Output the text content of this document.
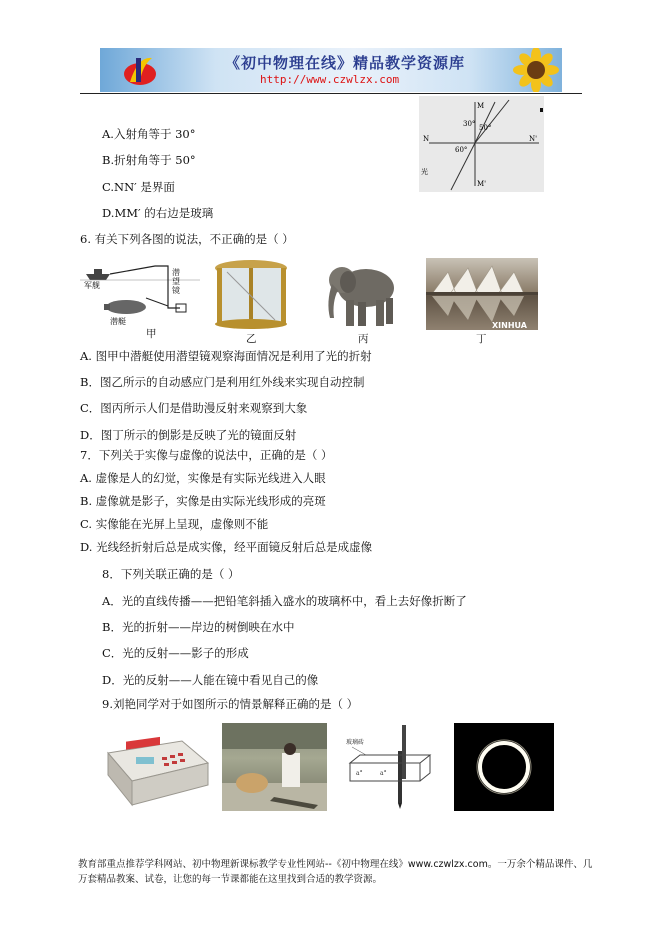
《初中物理在线》精品教学资源库
http://www.czwlzx.com
M
M'
N	N'
30° 50°
60°
光
A.入射角等于 30°
B.折射角等于 50°
C.NN′ 是界面
D.MM′ 的右边是玻璃
6. 有关下列各图的说法，不正确的是（ ）
军舰
潜艇
潜望镜
XINHUA
甲	乙	丙	丁
A. 图甲中潜艇使用潜望镜观察海面情况是利用了光的折射
B．图乙所示的自动感应门是利用红外线来实现自动控制
C．图丙所示人们是借助漫反射来观察到大象
D．图丁所示的倒影是反映了光的镜面反射
7．下列关于实像与虚像的说法中，正确的是（ ）
A. 虚像是人的幻觉，实像是有实际光线进入人眼
B. 虚像就是影子，实像是由实际光线形成的亮斑
C. 实像能在光屏上呈现，虚像则不能
D. 光线经折射后总是成实像，经平面镜反射后总是成虚像
8．下列关联正确的是（ ）
A．光的直线传播——把铅笔斜插入盛水的玻璃杯中，看上去好像折断了
B．光的折射——岸边的树倒映在水中
C．光的反射——影子的形成
D．光的反射——人能在镜中看见自己的像
9.刘艳同学对于如图所示的情景解释正确的是（ ）
a°	a°
玻璃砖
教育部重点推荐学科网站、初中物理新课标教学专业性网站--《初中物理在线》www.czwlzx.com。一万余个精品课件、几万套精品教案、试卷，让您的每一节课都能在这里找到合适的教学资源。
